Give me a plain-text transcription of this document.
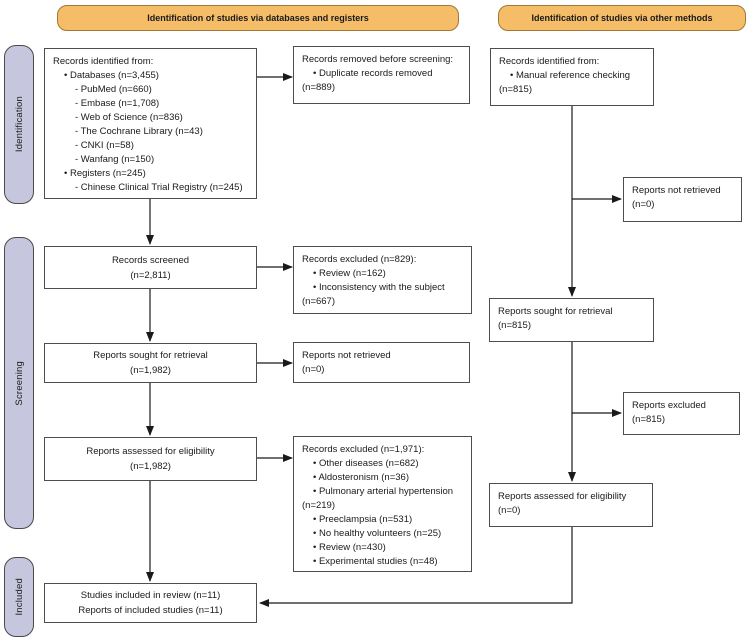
Identification of studies via databases and registers	Identification of studies via other methods
Identification
Screening
Included
Records identified from:
• Databases (n=3,455)
- PubMed (n=660)
- Embase (n=1,708)
- Web of Science (n=836)
- The Cochrane Library (n=43)
- CNKI (n=58)
- Wanfang (n=150)
• Registers (n=245)
- Chinese Clinical Trial Registry (n=245)
Records removed before screening:
• Duplicate records removed
(n=889)
Records screened
(n=2,811)
Records excluded (n=829):
• Review (n=162)
• Inconsistency with the subject
(n=667)
Reports sought for retrieval
(n=1,982)
Reports not retrieved
(n=0)
Reports assessed for eligibility
(n=1,982)
Records excluded (n=1,971):
• Other diseases (n=682)
• Aldosteronism (n=36)
• Pulmonary arterial hypertension
(n=219)
• Preeclampsia (n=531)
• No healthy volunteers (n=25)
• Review (n=430)
• Experimental studies (n=48)
Studies included in review (n=11)
Reports of included studies (n=11)
Records identified from:
• Manual reference checking
(n=815)
Reports not retrieved
(n=0)
Reports sought for retrieval
(n=815)
Reports excluded
(n=815)
Reports assessed for eligibility
(n=0)
